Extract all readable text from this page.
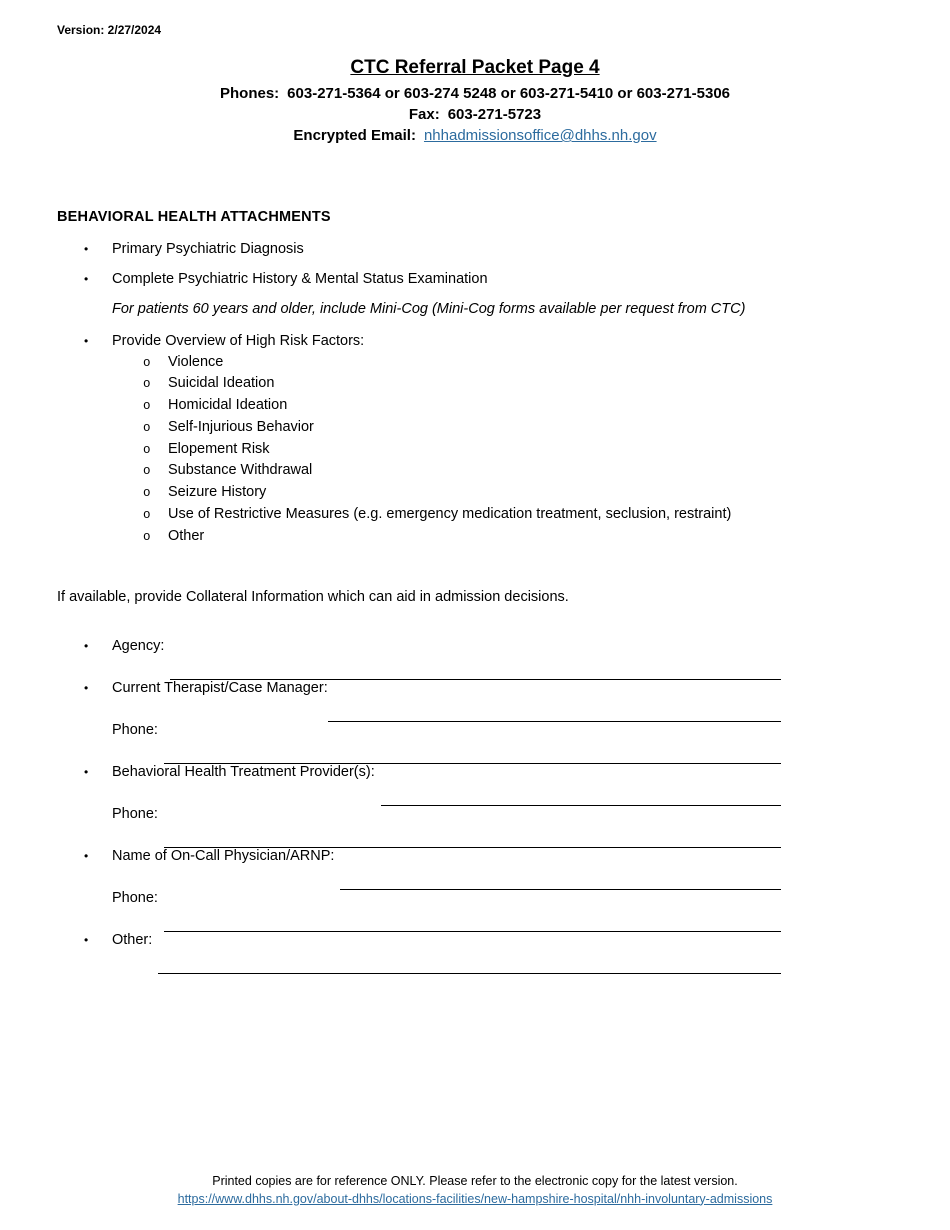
Version: 2/27/2024
CTC Referral Packet Page 4
Phones: 603-271-5364 or 603-274 5248 or 603-271-5410 or 603-271-5306
Fax: 603-271-5723
Encrypted Email: nhhadmissionsoffice@dhhs.nh.gov
BEHAVIORAL HEALTH ATTACHMENTS
•
Primary Psychiatric Diagnosis
•
Complete Psychiatric History & Mental Status Examination
For patients 60 years and older, include Mini-Cog (Mini-Cog forms available per request from CTC)
•
Provide Overview of High Risk Factors:
o
Violence
o
Suicidal Ideation
o
Homicidal Ideation
o
Self-Injurious Behavior
o
Elopement Risk
o
Substance Withdrawal
o
Seizure History
o
Use of Restrictive Measures (e.g. emergency medication treatment, seclusion, restraint)
o
Other
If available, provide Collateral Information which can aid in admission decisions.
•
Agency:
•
Current Therapist/Case Manager:
Phone:
•
Behavioral Health Treatment Provider(s):
Phone:
•
Name of On-Call Physician/ARNP:
Phone:
•
Other:
Printed copies are for reference ONLY. Please refer to the electronic copy for the latest version.
https://www.dhhs.nh.gov/about-dhhs/locations-facilities/new-hampshire-hospital/nhh-involuntary-admissions
